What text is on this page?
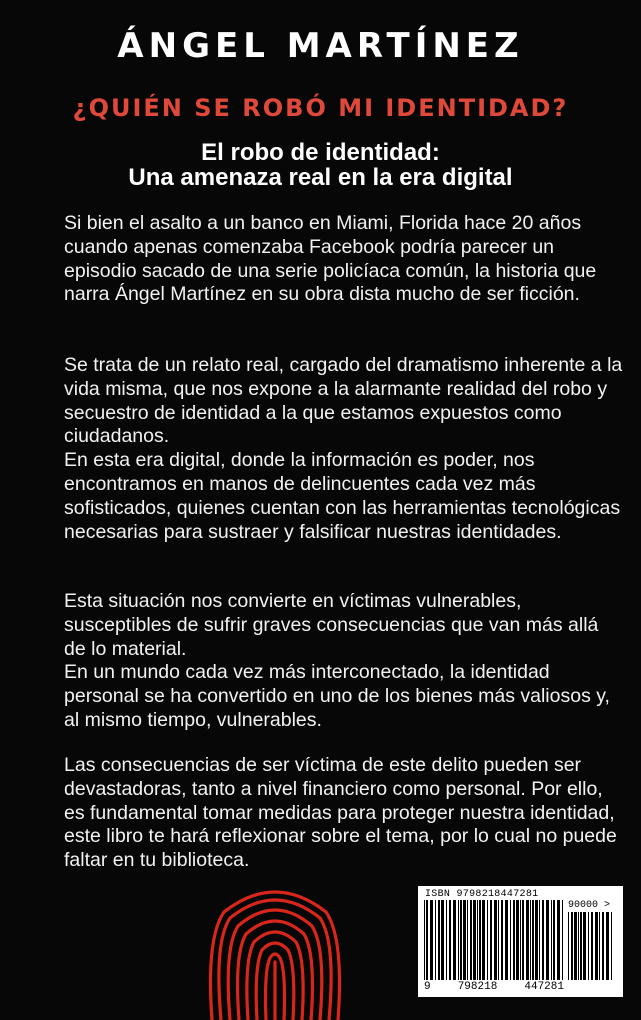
ÁNGEL MARTÍNEZ
¿QUIÉN SE ROBÓ MI IDENTIDAD?
El robo de identidad:
Una amenaza real en la era digital

Si bien el asalto a un banco en Miami, Florida hace 20 años cuando apenas comenzaba Facebook podría parecer un episodio sacado de una serie policíaca común, la historia que narra Ángel Martínez en su obra dista mucho de ser ficción.

Se trata de un relato real, cargado del dramatismo inherente a la vida misma, que nos expone a la alarmante realidad del robo y secuestro de identidad a la que estamos expuestos como ciudadanos.

En esta era digital, donde la información es poder, nos encontramos en manos de delincuentes cada vez más sofisticados, quienes cuentan con las herramientas tecnológicas necesarias para sustraer y falsificar nuestras identidades.

Esta situación nos convierte en víctimas vulnerables, susceptibles de sufrir graves consecuencias que van más allá de lo material.

En un mundo cada vez más interconectado, la identidad personal se ha convertido en uno de los bienes más valiosos y, al mismo tiempo, vulnerables.

Las consecuencias de ser víctima de este delito pueden ser devastadoras, tanto a nivel financiero como personal. Por ello, es fundamental tomar medidas para proteger nuestra identidad, este libro te hará reflexionar sobre el tema, por lo cual no puede faltar en tu biblioteca.

ISBN 9798218447281
90000 >
9 798218 447281
